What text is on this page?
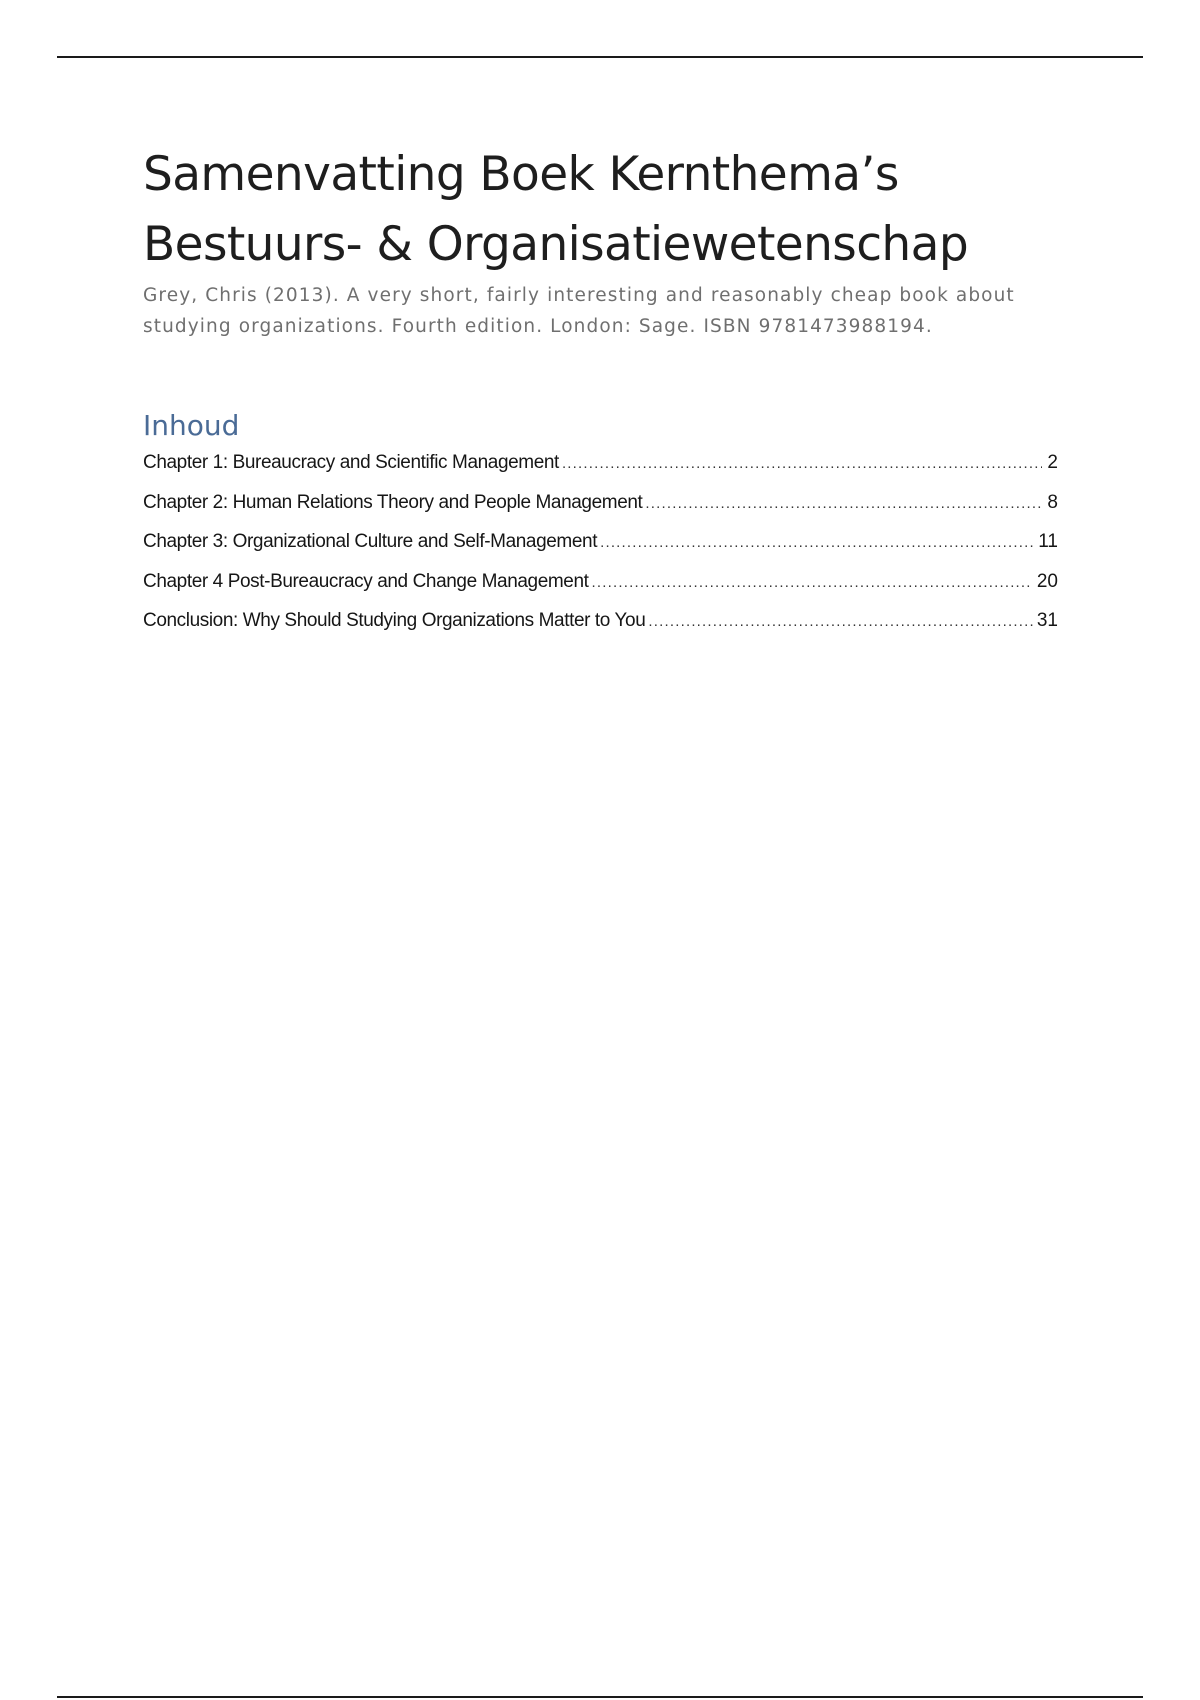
Samenvatting Boek Kernthema’s
Bestuurs- & Organisatiewetenschap

Grey, Chris (2013). A very short, fairly interesting and reasonably cheap book about
studying organizations. Fourth edition. London: Sage. ISBN 9781473988194.

Inhoud
Chapter 1: Bureaucracy and Scientific Management .....	2
Chapter 2: Human Relations Theory and People Management .....	8
Chapter 3: Organizational Culture and Self-Management .....	11
Chapter 4 Post-Bureaucracy and Change Management .....	20
Conclusion: Why Should Studying Organizations Matter to You .....	31
